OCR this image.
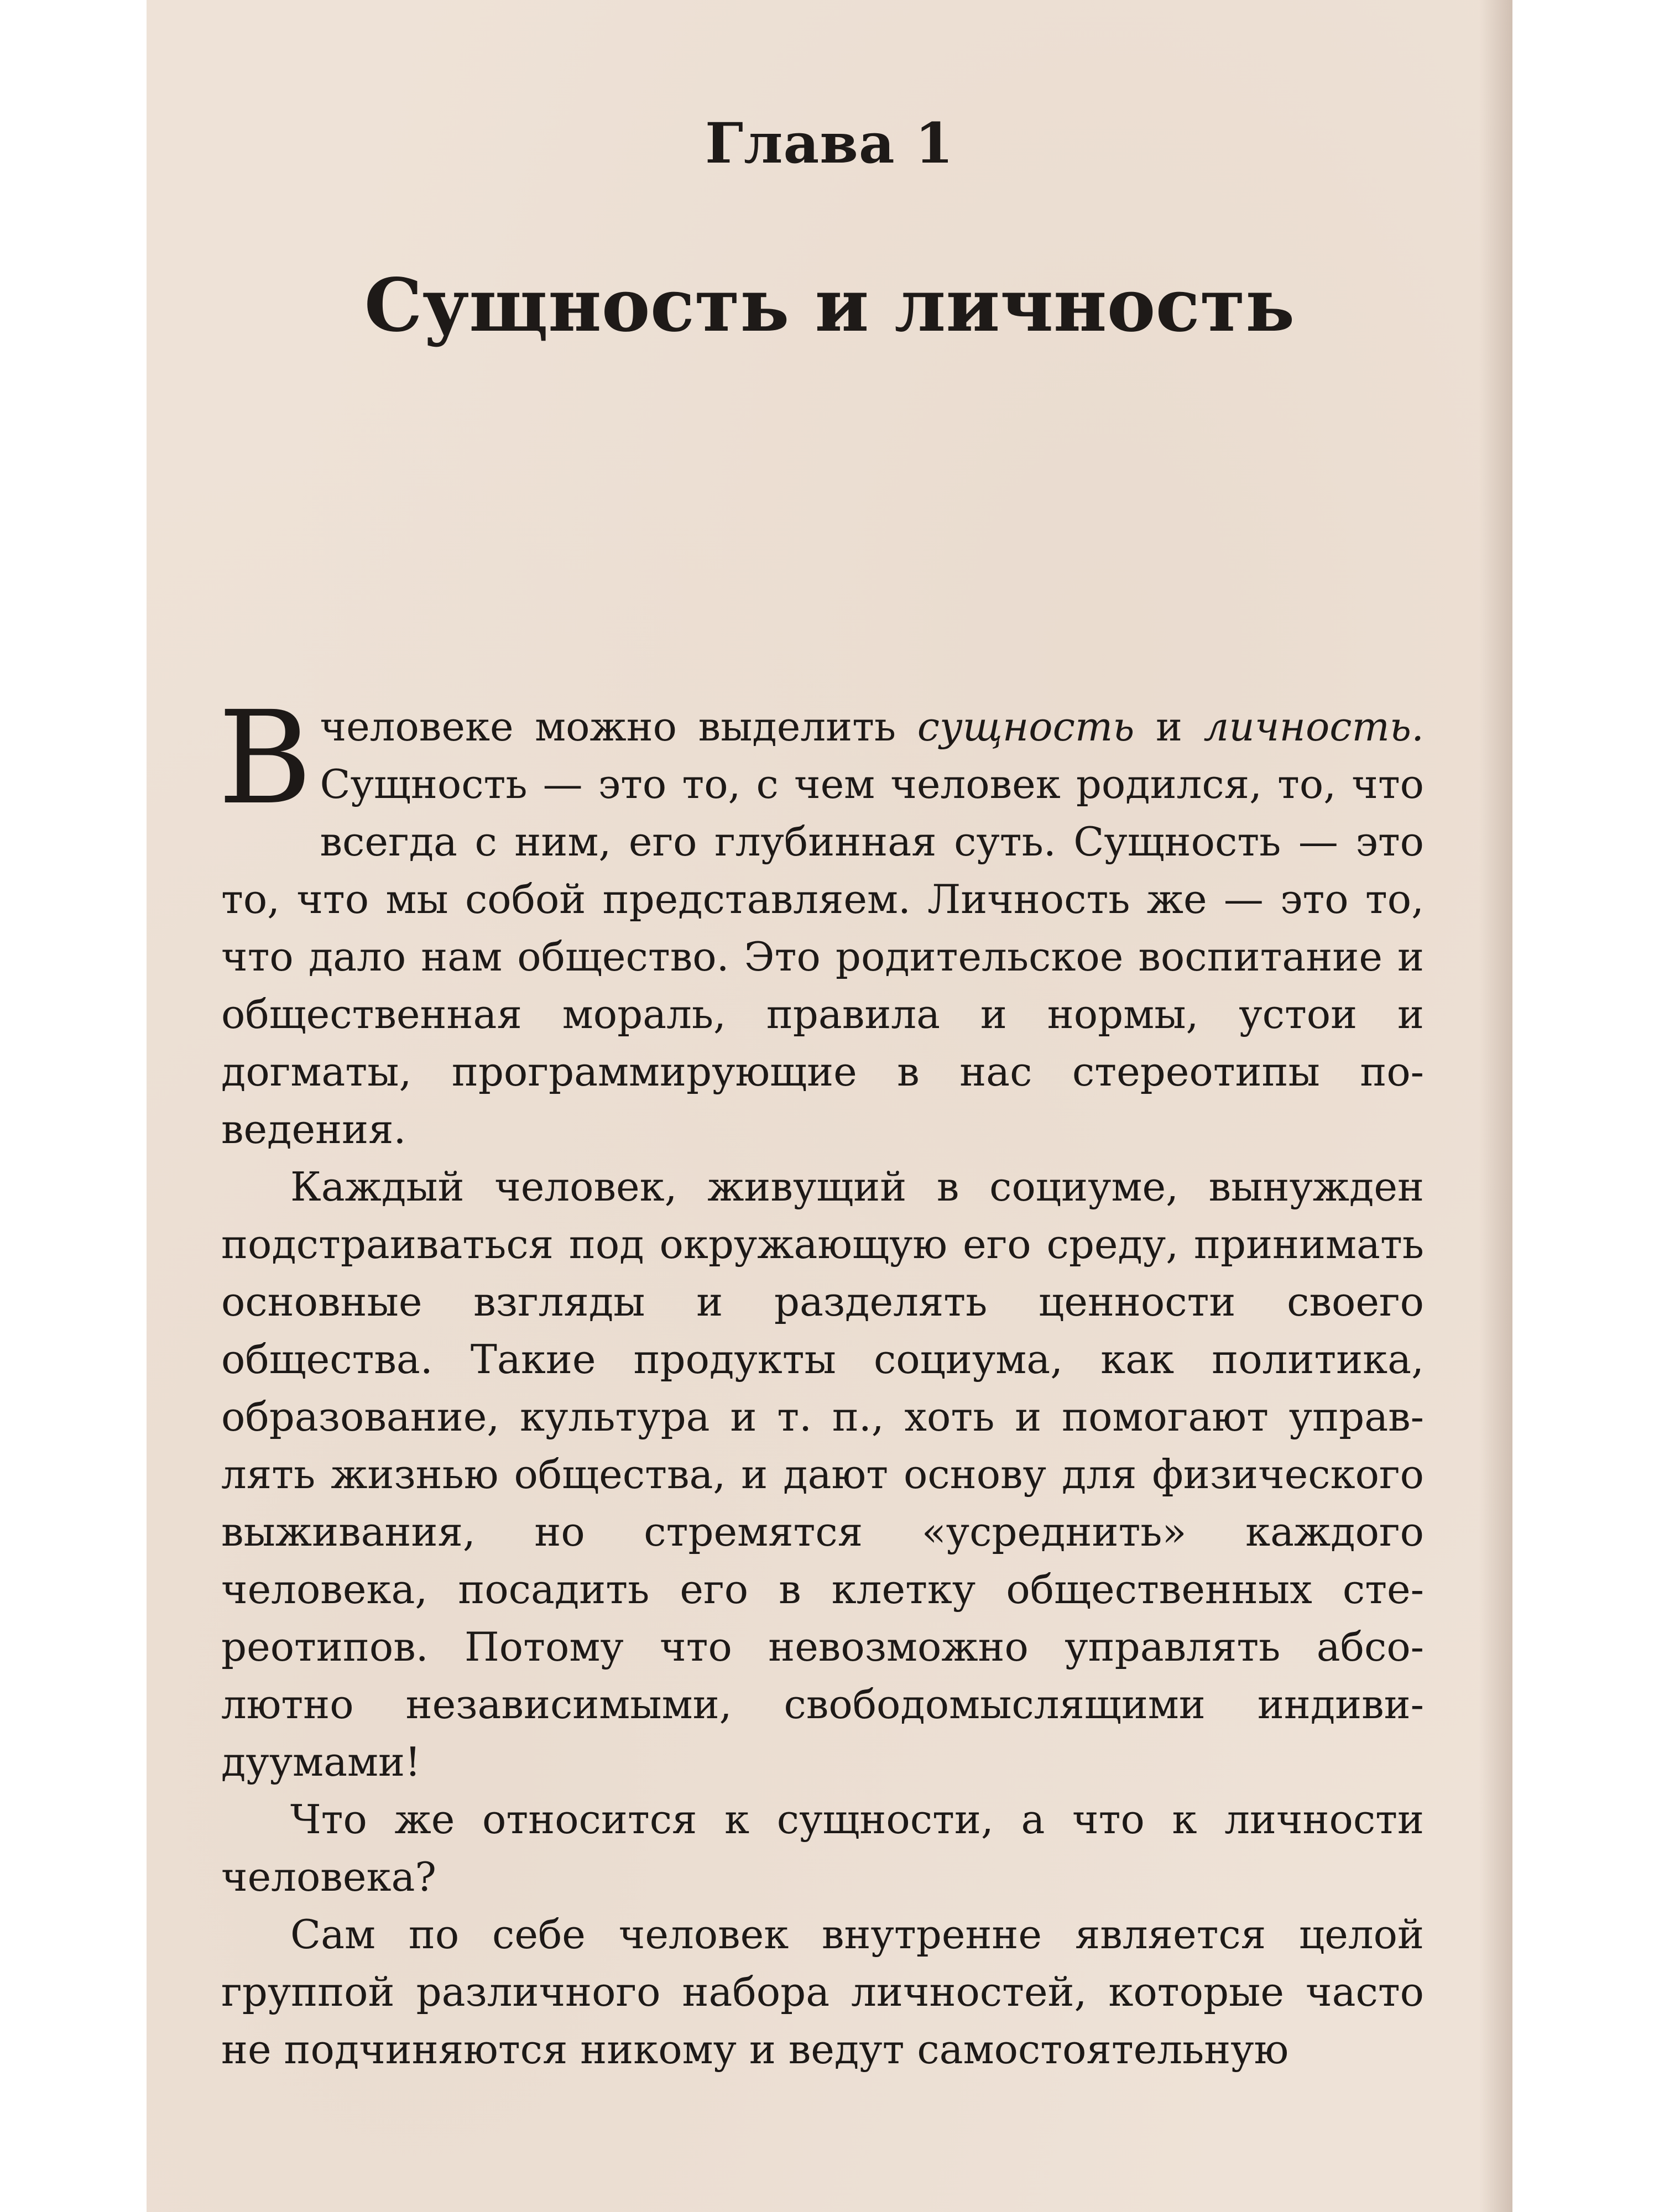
Глава 1
Сущность и личность

В человеке можно выделить сущность и личность. Сущность — это то, с чем человек родился, то, что всегда с ним, его глубинная суть. Сущность — это то, что мы собой представляем. Личность же — это то, что дало нам общество. Это родительское воспитание и общественная мораль, правила и нормы, устои и догматы, программирующие в нас стереотипы поведения.

Каждый человек, живущий в социуме, вынужден подстраиваться под окружающую его среду, принимать основные взгляды и разделять ценности своего общества. Такие продукты социума, как политика, образование, культура и т. п., хоть и помогают управлять жизнью общества, и дают основу для физического выживания, но стремятся «усреднить» каждого человека, посадить его в клетку общественных стереотипов. Потому что невозможно управлять абсолютно независимыми, свободомыслящими индивидуумами!

Что же относится к сущности, а что к личности человека?

Сам по себе человек внутренне является целой группой различного набора личностей, которые часто не подчиняются никому и ведут самостоятельную
